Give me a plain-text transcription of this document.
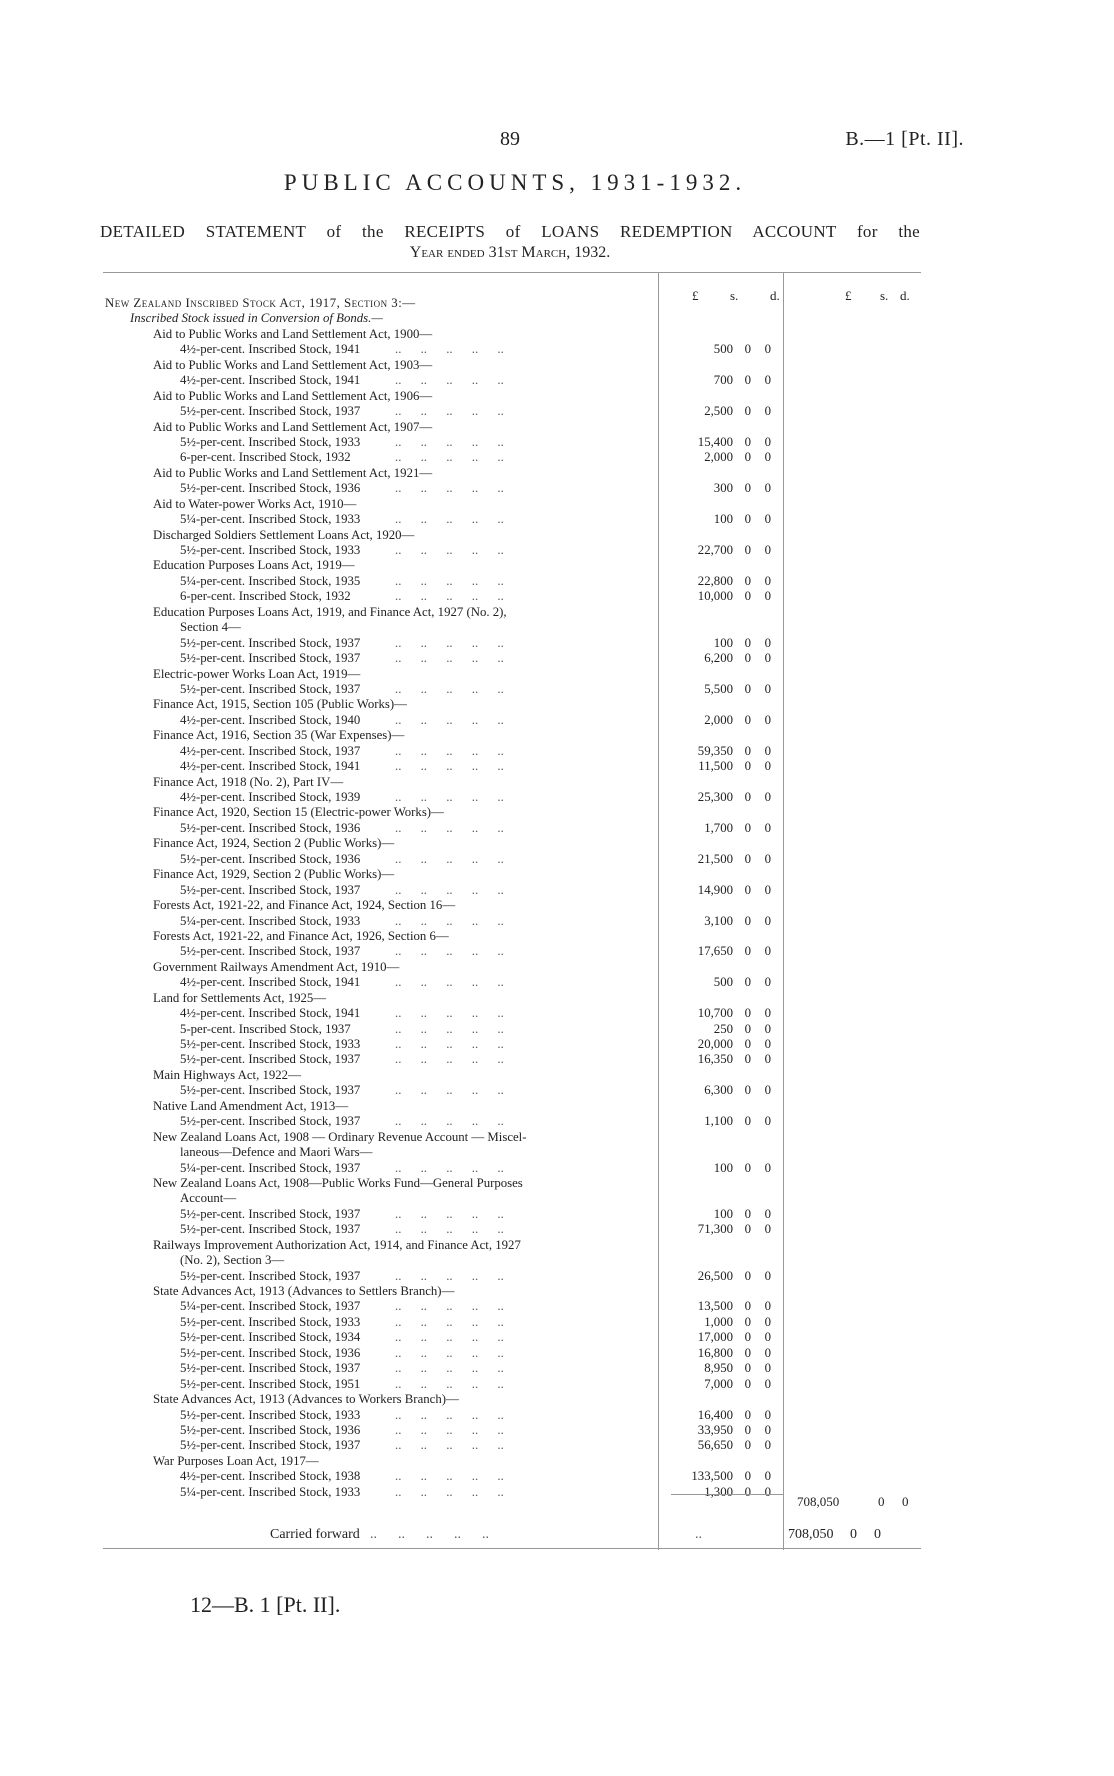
89	B.—1 [Pt. II].
PUBLIC ACCOUNTS, 1931-1932.
DETAILED STATEMENT of the RECEIPTS of LOANS REDEMPTION ACCOUNT for the
Year ended 31st March, 1932.
£ s. d.	£ s. d.
New Zealand Inscribed Stock Act, 1917, Section 3:—
Inscribed Stock issued in Conversion of Bonds.—
Aid to Public Works and Land Settlement Act, 1900—
4½-per-cent. Inscribed Stock, 1941	..      ..      ..      ..      ..	500 0	0
Aid to Public Works and Land Settlement Act, 1903—
4½-per-cent. Inscribed Stock, 1941	..      ..      ..      ..      ..	700 0	0
Aid to Public Works and Land Settlement Act, 1906—
5½-per-cent. Inscribed Stock, 1937	..      ..      ..      ..      ..	2,500 0	0
Aid to Public Works and Land Settlement Act, 1907—
5½-per-cent. Inscribed Stock, 1933	..      ..      ..      ..      ..	15,400 0	0
6-per-cent. Inscribed Stock, 1932	..      ..      ..      ..      ..	2,000 0	0
Aid to Public Works and Land Settlement Act, 1921—
5½-per-cent. Inscribed Stock, 1936	..      ..      ..      ..      ..	300 0	0
Aid to Water-power Works Act, 1910—
5¼-per-cent. Inscribed Stock, 1933	..      ..      ..      ..      ..	100 0	0
Discharged Soldiers Settlement Loans Act, 1920—
5½-per-cent. Inscribed Stock, 1933	..      ..      ..      ..      ..	22,700 0	0
Education Purposes Loans Act, 1919—
5¼-per-cent. Inscribed Stock, 1935	..      ..      ..      ..      ..	22,800 0	0
6-per-cent. Inscribed Stock, 1932	..      ..      ..      ..      ..	10,000 0	0
Education Purposes Loans Act, 1919, and Finance Act, 1927 (No. 2),
Section 4—
5½-per-cent. Inscribed Stock, 1937	..      ..      ..      ..      ..	100 0	0
5½-per-cent. Inscribed Stock, 1937	..      ..      ..      ..      ..	6,200 0	0
Electric-power Works Loan Act, 1919—
5½-per-cent. Inscribed Stock, 1937	..      ..      ..      ..      ..	5,500 0	0
Finance Act, 1915, Section 105 (Public Works)—
4½-per-cent. Inscribed Stock, 1940	..      ..      ..      ..      ..	2,000 0	0
Finance Act, 1916, Section 35 (War Expenses)—
4½-per-cent. Inscribed Stock, 1937	..      ..      ..      ..      ..	59,350 0	0
4½-per-cent. Inscribed Stock, 1941	..      ..      ..      ..      ..	11,500 0	0
Finance Act, 1918 (No. 2), Part IV—
4½-per-cent. Inscribed Stock, 1939	..      ..      ..      ..      ..	25,300 0	0
Finance Act, 1920, Section 15 (Electric-power Works)—
5½-per-cent. Inscribed Stock, 1936	..      ..      ..      ..      ..	1,700 0	0
Finance Act, 1924, Section 2 (Public Works)—
5½-per-cent. Inscribed Stock, 1936	..      ..      ..      ..      ..	21,500 0	0
Finance Act, 1929, Section 2 (Public Works)—
5½-per-cent. Inscribed Stock, 1937	..      ..      ..      ..      ..	14,900 0	0
Forests Act, 1921-22, and Finance Act, 1924, Section 16—
5¼-per-cent. Inscribed Stock, 1933	..      ..      ..      ..      ..	3,100 0	0
Forests Act, 1921-22, and Finance Act, 1926, Section 6—
5½-per-cent. Inscribed Stock, 1937	..      ..      ..      ..      ..	17,650 0	0
Government Railways Amendment Act, 1910—
4½-per-cent. Inscribed Stock, 1941	..      ..      ..      ..      ..	500 0	0
Land for Settlements Act, 1925—
4½-per-cent. Inscribed Stock, 1941	..      ..      ..      ..      ..	10,700 0	0
5-per-cent. Inscribed Stock, 1937	..      ..      ..      ..      ..	250 0	0
5½-per-cent. Inscribed Stock, 1933	..      ..      ..      ..      ..	20,000 0	0
5½-per-cent. Inscribed Stock, 1937	..      ..      ..      ..      ..	16,350 0	0
Main Highways Act, 1922—
5½-per-cent. Inscribed Stock, 1937	..      ..      ..      ..      ..	6,300 0	0
Native Land Amendment Act, 1913—
5½-per-cent. Inscribed Stock, 1937	..      ..      ..      ..      ..	1,100 0	0
New Zealand Loans Act, 1908 — Ordinary Revenue Account — Miscel-
laneous—Defence and Maori Wars—
5¼-per-cent. Inscribed Stock, 1937	..      ..      ..      ..      ..	100 0	0
New Zealand Loans Act, 1908—Public Works Fund—General Purposes
Account—
5½-per-cent. Inscribed Stock, 1937	..      ..      ..      ..      ..	100 0	0
5½-per-cent. Inscribed Stock, 1937	..      ..      ..      ..      ..	71,300 0	0
Railways Improvement Authorization Act, 1914, and Finance Act, 1927
(No. 2), Section 3—
5½-per-cent. Inscribed Stock, 1937	..      ..      ..      ..      ..	26,500 0	0
State Advances Act, 1913 (Advances to Settlers Branch)—
5¼-per-cent. Inscribed Stock, 1937	..      ..      ..      ..      ..	13,500 0	0
5½-per-cent. Inscribed Stock, 1933	..      ..      ..      ..      ..	1,000 0	0
5½-per-cent. Inscribed Stock, 1934	..      ..      ..      ..      ..	17,000 0	0
5½-per-cent. Inscribed Stock, 1936	..      ..      ..      ..      ..	16,800 0	0
5½-per-cent. Inscribed Stock, 1937	..      ..      ..      ..      ..	8,950 0	0
5½-per-cent. Inscribed Stock, 1951	..      ..      ..      ..      ..	7,000 0	0
State Advances Act, 1913 (Advances to Workers Branch)—
5½-per-cent. Inscribed Stock, 1933	..      ..      ..      ..      ..	16,400 0	0
5½-per-cent. Inscribed Stock, 1936	..      ..      ..      ..      ..	33,950 0	0
5½-per-cent. Inscribed Stock, 1937	..      ..      ..      ..      ..	56,650 0	0
War Purposes Loan Act, 1917—
4½-per-cent. Inscribed Stock, 1938	..      ..      ..      ..      ..	133,500 0	0
5¼-per-cent. Inscribed Stock, 1933	..      ..      ..      ..      ..	1,300 0	0
708,050	0 0
Carried forward ..      ..      ..      ..      ..	..	708,050 0 0
12—B. 1 [Pt. II].
